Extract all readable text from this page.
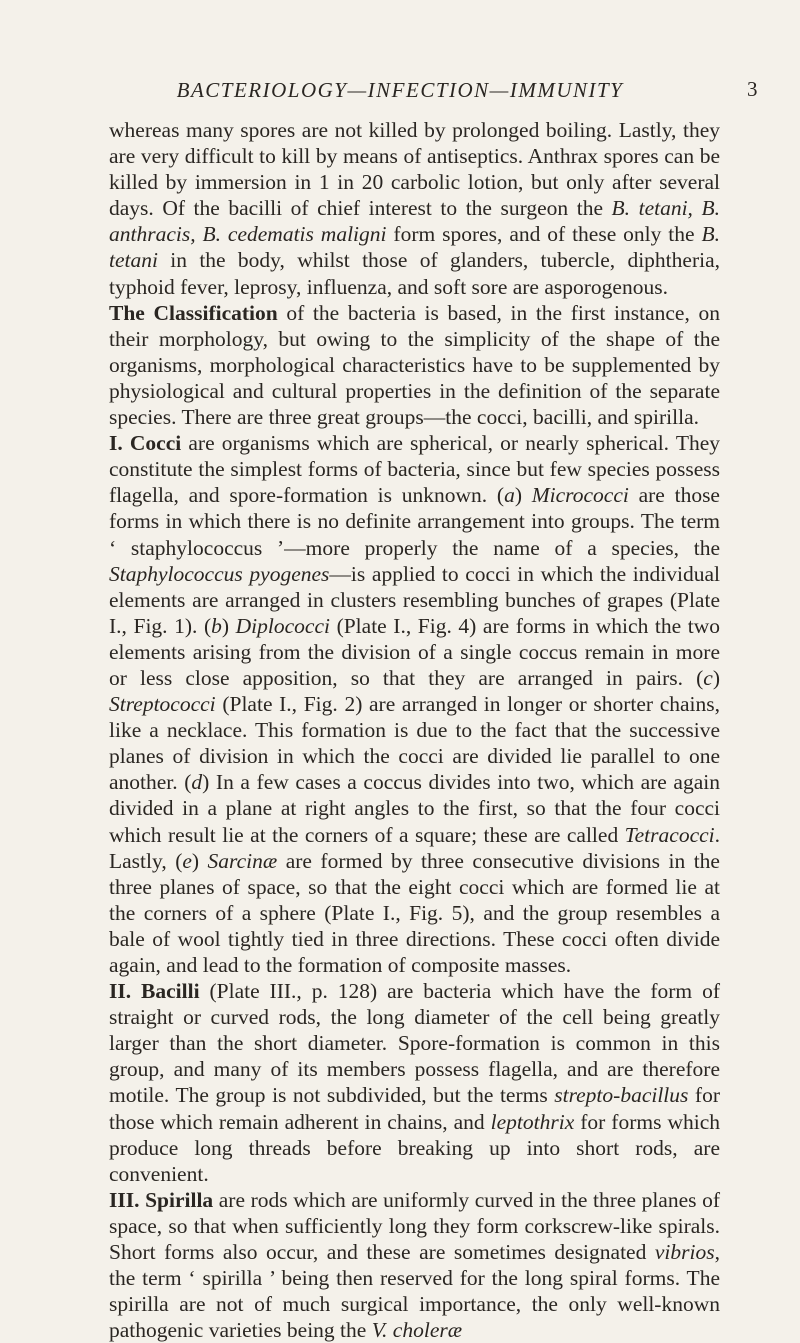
BACTERIOLOGY—INFECTION—IMMUNITY	3

whereas many spores are not killed by prolonged boiling. Lastly, they are very difficult to kill by means of antiseptics. Anthrax spores can be killed by immersion in 1 in 20 carbolic lotion, but only after several days. Of the bacilli of chief interest to the surgeon the B. tetani, B. anthracis, B. cedematis maligni form spores, and of these only the B. tetani in the body, whilst those of glanders, tubercle, diphtheria, typhoid fever, leprosy, influenza, and soft sore are asporogenous.

The Classification of the bacteria is based, in the first instance, on their morphology, but owing to the simplicity of the shape of the organisms, morphological characteristics have to be supplemented by physiological and cultural properties in the definition of the separate species. There are three great groups—the cocci, bacilli, and spirilla.

I. Cocci are organisms which are spherical, or nearly spherical. They constitute the simplest forms of bacteria, since but few species possess flagella, and spore-formation is unknown. (a) Micrococci are those forms in which there is no definite arrangement into groups. The term ‘ staphylococcus ’—more properly the name of a species, the Staphylococcus pyogenes—is applied to cocci in which the individual elements are arranged in clusters resembling bunches of grapes (Plate I., Fig. 1). (b) Diplococci (Plate I., Fig. 4) are forms in which the two elements arising from the division of a single coccus remain in more or less close apposition, so that they are arranged in pairs. (c) Streptococci (Plate I., Fig. 2) are arranged in longer or shorter chains, like a necklace. This formation is due to the fact that the successive planes of division in which the cocci are divided lie parallel to one another. (d) In a few cases a coccus divides into two, which are again divided in a plane at right angles to the first, so that the four cocci which result lie at the corners of a square; these are called Tetracocci. Lastly, (e) Sarcinæ are formed by three consecutive divisions in the three planes of space, so that the eight cocci which are formed lie at the corners of a sphere (Plate I., Fig. 5), and the group resembles a bale of wool tightly tied in three directions. These cocci often divide again, and lead to the formation of composite masses.

II. Bacilli (Plate III., p. 128) are bacteria which have the form of straight or curved rods, the long diameter of the cell being greatly larger than the short diameter. Spore-formation is common in this group, and many of its members possess flagella, and are therefore motile. The group is not subdivided, but the terms strepto-bacillus for those which remain adherent in chains, and leptothrix for forms which produce long threads before breaking up into short rods, are convenient.

III. Spirilla are rods which are uniformly curved in the three planes of space, so that when sufficiently long they form corkscrew-like spirals. Short forms also occur, and these are sometimes designated vibrios, the term ‘ spirilla ’ being then reserved for the long spiral forms. The spirilla are not of much surgical importance, the only well-known pathogenic varieties being the V. choleræ
